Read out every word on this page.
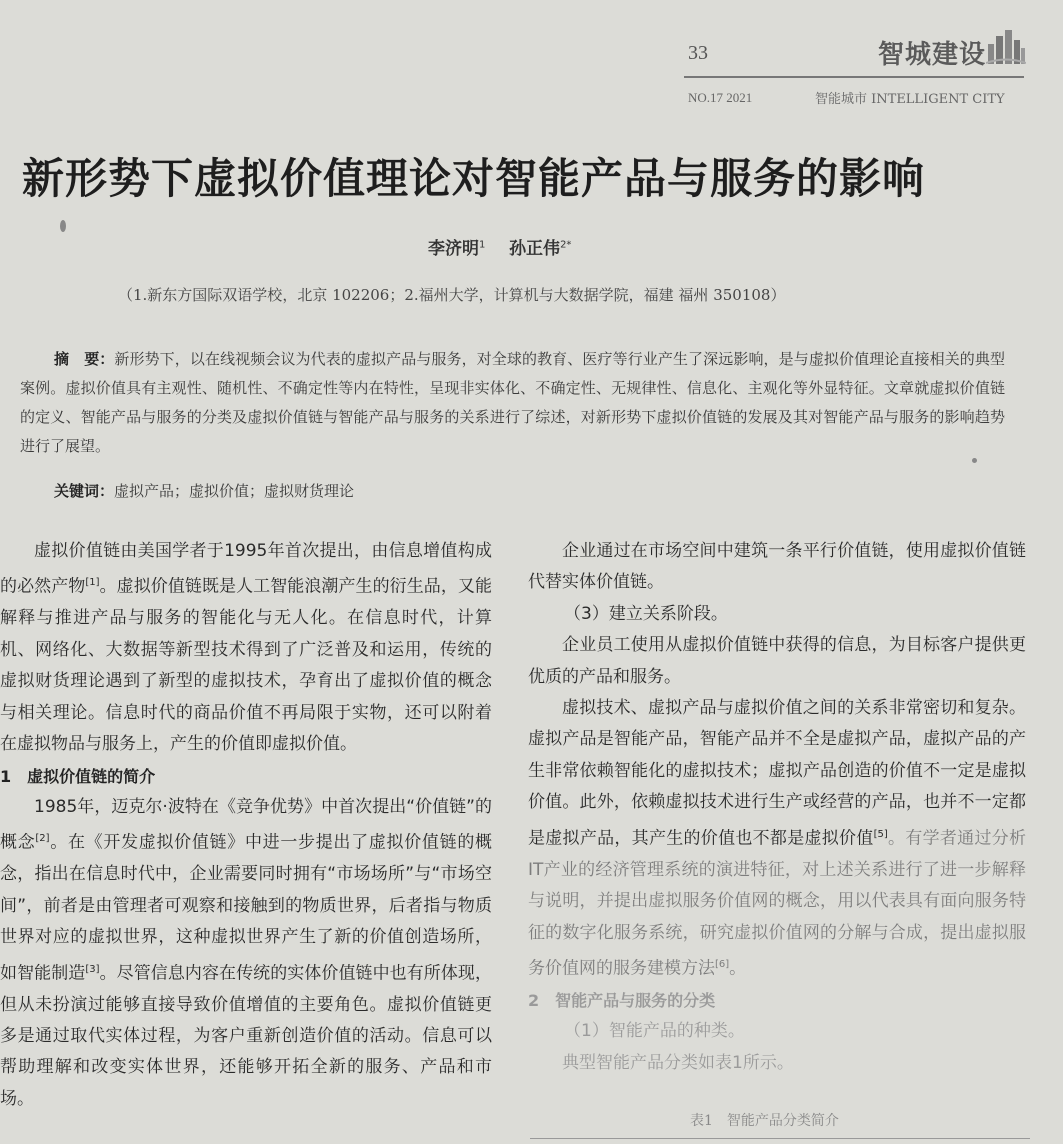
33	智城建设
NO.17 2021	智能城市 INTELLIGENT CITY
新形势下虚拟价值理论对智能产品与服务的影响
李济明$^1$ 孙正伟$^{2*}$
（1.新东方国际双语学校，北京 102206；2.福州大学，计算机与大数据学院，福建 福州 350108）
摘　要：新形势下，以在线视频会议为代表的虚拟产品与服务，对全球的教育、医疗等行业产生了深远影响，是与虚拟价值理论直接相关的典型案例。虚拟价值具有主观性、随机性、不确定性等内在特性，呈现非实体化、不确定性、无规律性、信息化、主观化等外显特征。文章就虚拟价值链的定义、智能产品与服务的分类及虚拟价值链与智能产品与服务的关系进行了综述，对新形势下虚拟价值链的发展及其对智能产品与服务的影响趋势进行了展望。
关键词：虚拟产品；虚拟价值；虚拟财货理论

虚拟价值链由美国学者于1995年首次提出，由信息增值构成的必然产物[1]。虚拟价值链既是人工智能浪潮产生的衍生品，又能解释与推进产品与服务的智能化与无人化。在信息时代，计算机、网络化、大数据等新型技术得到了广泛普及和运用，传统的虚拟财货理论遇到了新型的虚拟技术，孕育出了虚拟价值的概念与相关理论。信息时代的商品价值不再局限于实物，还可以附着在虚拟物品与服务上，产生的价值即虚拟价值。

1　虚拟价值链的简介

1985年，迈克尔·波特在《竞争优势》中首次提出“价值链”的概念[2]。在《开发虚拟价值链》中进一步提出了虚拟价值链的概念，指出在信息时代中，企业需要同时拥有“市场场所”与“市场空间”，前者是由管理者可观察和接触到的物质世界，后者指与物质世界对应的虚拟世界，这种虚拟世界产生了新的价值创造场所，如智能制造[3]。尽管信息内容在传统的实体价值链中也有所体现，但从未扮演过能够直接导致价值增值的主要角色。虚拟价值链更多是通过取代实体过程，为客户重新创造价值的活动。信息可以帮助理解和改变实体世界，还能够开拓全新的服务、产品和市场。

企业通过在市场空间中建筑一条平行价值链，使用虚拟价值链代替实体价值链。

（3）建立关系阶段。

企业员工使用从虚拟价值链中获得的信息，为目标客户提供更优质的产品和服务。

虚拟技术、虚拟产品与虚拟价值之间的关系非常密切和复杂。虚拟产品是智能产品，智能产品并不全是虚拟产品，虚拟产品的产生非常依赖智能化的虚拟技术；虚拟产品创造的价值不一定是虚拟价值。此外，依赖虚拟技术进行生产或经营的产品，也并不一定都是虚拟产品，其产生的价值也不都是虚拟价值[5]。有学者通过分析IT产业的经济管理系统的演进特征，对上述关系进行了进一步解释与说明，并提出虚拟服务价值网的概念，用以代表具有面向服务特征的数字化服务系统，研究虚拟价值网的分解与合成，提出虚拟服务价值网的服务建模方法[6]。

2　智能产品与服务的分类

（1）智能产品的种类。

典型智能产品分类如表1所示。

表1　智能产品分类简介
